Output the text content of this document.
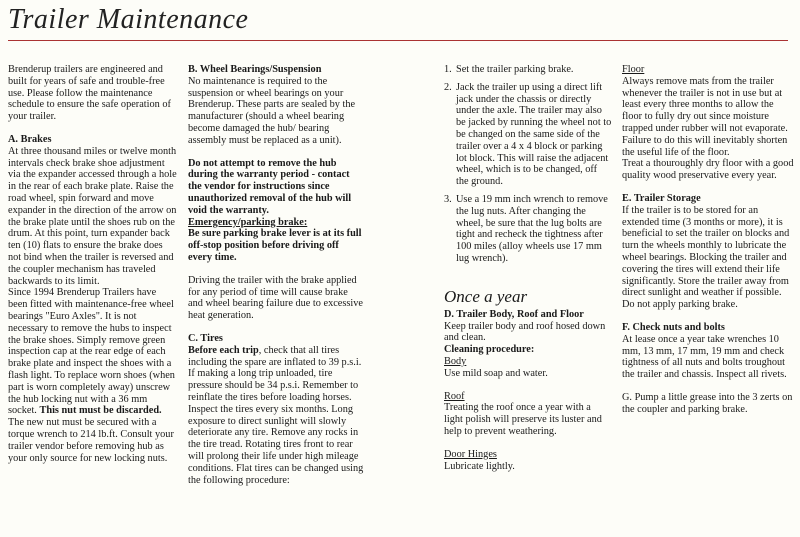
Trailer Maintenance

Brenderup trailers are engineered and built for years of safe and trouble-free use. Please follow the maintenance schedule to ensure the safe operation of your trailer.

A. Brakes

At three thousand miles or twelve month intervals check brake shoe adjustment via the expander accessed through a hole in the rear of each brake plate. Raise the road wheel, spin forward and move expander in the direction of the arrow on the brake plate until the shoes rub on the drum. At this point, turn expander back ten (10) flats to ensure the brake does not bind when the trailer is reversed and the coupler mechanism has traveled backwards to its limit.

Since 1994 Brenderup Trailers have been fitted with maintenance-free wheel bearings "Euro Axles". It is not necessary to remove the hubs to inspect the brake shoes. Simply remove green inspection cap at the rear edge of each brake plate and inspect the shoes with a flash light. To replace worn shoes (when part is worn completely away) unscrew the hub locking nut with a 36 mm socket. This nut must be discarded. The new nut must be secured with a torque wrench to 214 lb.ft. Consult your trailer vendor before removing hub as your only source for new locking nuts.

B. Wheel Bearings/Suspension

No maintenance is required to the suspension or wheel bearings on your Brenderup. These parts are sealed by the manufacturer (should a wheel bearing become damaged the hub/ bearing assembly must be replaced as a unit).

Do not attempt to remove the hub during the warranty period - contact the vendor for instructions since unauthorized removal of the hub will void the warranty.

Emergency/parking brake:

Be sure parking brake lever is at its full off-stop position before driving off every time.

Driving the trailer with the brake applied for any period of time will cause brake and wheel bearing failure due to excessive heat generation.

C. Tires

Before each trip, check that all tires including the spare are inflated to 39 p.s.i. If making a long trip unloaded, tire pressure should be 34 p.s.i. Remember to reinflate the tires before loading horses. Inspect the tires every six months. Long exposure to direct sunlight will slowly deteriorate any tire. Remove any rocks in the tire tread. Rotating tires front to rear will prolong their life under high mileage conditions. Flat tires can be changed using the following procedure:

1. Set the trailer parking brake.
2. Jack the trailer up using a direct lift jack under the chassis or directly under the axle. The trailer may also be jacked by running the wheel not to be changed on the same side of the trailer over a 4 x 4 block or parking lot block. This will raise the adjacent wheel, which is to be changed, off the ground.
3. Use a 19 mm inch wrench to remove the lug nuts. After changing the wheel, be sure that the lug bolts are tight and recheck the tightness after 100 miles (alloy wheels use 17 mm lug wrench).

Once a year

D. Trailer Body, Roof and Floor

Keep trailer body and roof hosed down and clean.

Cleaning procedure:

Body

Use mild soap and water.

Roof

Treating the roof once a year with a light polish will preserve its luster and help to prevent weathering.

Door Hinges

Lubricate lightly.

Floor

Always remove mats from the trailer whenever the trailer is not in use but at least every three months to allow the floor to fully dry out since moisture trapped under rubber will not evaporate. Failure to do this will inevitably shorten the useful life of the floor.

Treat a thouroughly dry floor with a good quality wood preservative every year.

E. Trailer Storage

If the trailer is to be stored for an extended time (3 months or more), it is beneficial to set the trailer on blocks and turn the wheels monthly to lubricate the wheel bearings. Blocking the trailer and covering the tires will extend their life significantly. Store the trailer away from direct sunlight and weather if possible. Do not apply parking brake.

F. Check nuts and bolts

At lease once a year take wrenches 10 mm, 13 mm, 17 mm, 19 mm and check tightness of all nuts and bolts troughout the trailer and chassis. Inspect all rivets.

G. Pump a little grease into the 3 zerts on the coupler and parking brake.
